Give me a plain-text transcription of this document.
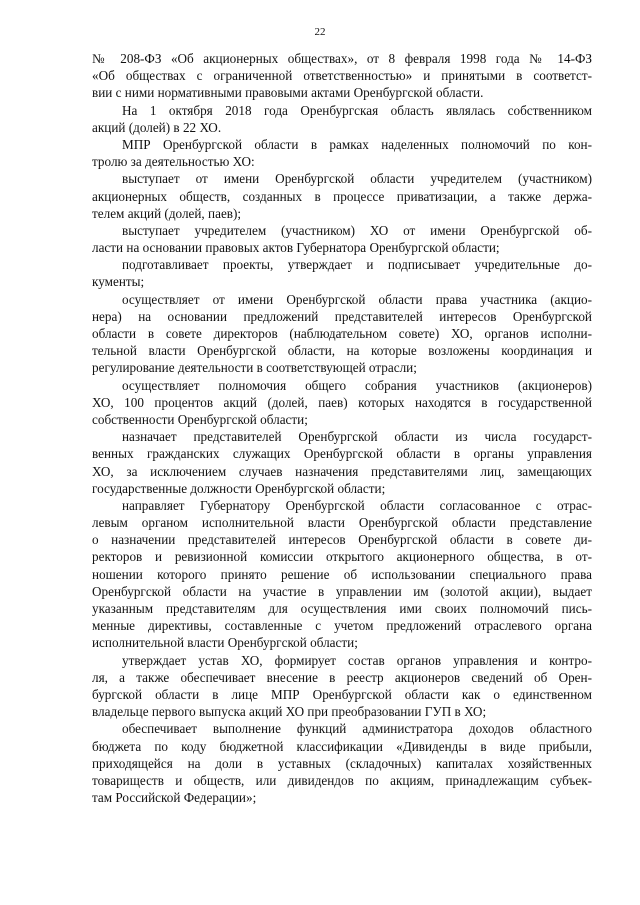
22
№ 208-ФЗ «Об акционерных обществах», от 8 февраля 1998 года № 14-ФЗ
«Об обществах с ограниченной ответственностью» и принятыми в соответст-
вии с ними нормативными правовыми актами Оренбургской области.
На 1 октября 2018 года Оренбургская область являлась собственником
акций (долей) в 22 ХО.
МПР Оренбургской области в рамках наделенных полномочий по кон-
тролю за деятельностью ХО:
выступает от имени Оренбургской области учредителем (участником)
акционерных обществ, созданных в процессе приватизации, а также держа-
телем акций (долей, паев);
выступает учредителем (участником) ХО от имени Оренбургской об-
ласти на основании правовых актов Губернатора Оренбургской области;
подготавливает проекты, утверждает и подписывает учредительные до-
кументы;
осуществляет от имени Оренбургской области права участника (акцио-
нера) на основании предложений представителей интересов Оренбургской
области в совете директоров (наблюдательном совете) ХО, органов исполни-
тельной власти Оренбургской области, на которые возложены координация и
регулирование деятельности в соответствующей отрасли;
осуществляет полномочия общего собрания участников (акционеров)
ХО, 100 процентов акций (долей, паев) которых находятся в государственной
собственности Оренбургской области;
назначает представителей Оренбургской области из числа государст-
венных гражданских служащих Оренбургской области в органы управления
ХО, за исключением случаев назначения представителями лиц, замещающих
государственные должности Оренбургской области;
направляет Губернатору Оренбургской области согласованное с отрас-
левым органом исполнительной власти Оренбургской области представление
о назначении представителей интересов Оренбургской области в совете ди-
ректоров и ревизионной комиссии открытого акционерного общества, в от-
ношении которого принято решение об использовании специального права
Оренбургской области на участие в управлении им (золотой акции), выдает
указанным представителям для осуществления ими своих полномочий пись-
менные директивы, составленные с учетом предложений отраслевого органа
исполнительной власти Оренбургской области;
утверждает устав ХО, формирует состав органов управления и контро-
ля, а также обеспечивает внесение в реестр акционеров сведений об Орен-
бургской области в лице МПР Оренбургской области как о единственном
владельце первого выпуска акций ХО при преобразовании ГУП в ХО;
обеспечивает выполнение функций администратора доходов областного
бюджета по коду бюджетной классификации «Дивиденды в виде прибыли,
приходящейся на доли в уставных (складочных) капиталах хозяйственных
товариществ и обществ, или дивидендов по акциям, принадлежащим субъек-
там Российской Федерации»;
